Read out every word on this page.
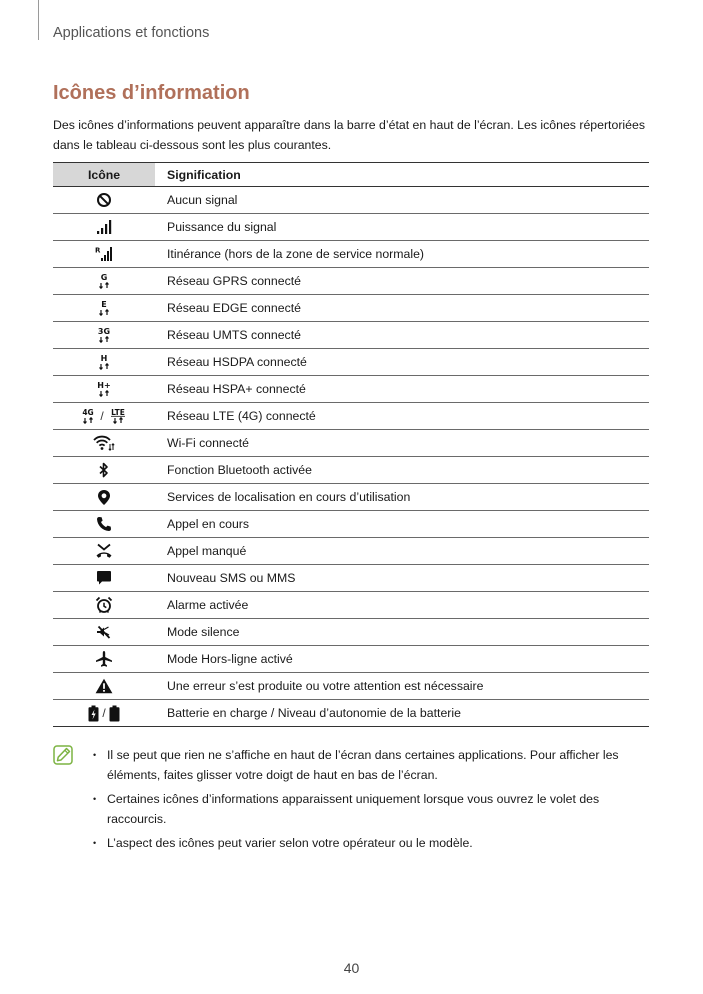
Applications et fonctions
Icônes d’information

Des icônes d’informations peuvent apparaître dans la barre d’état en haut de l’écran. Les icônes répertoriées dans le tableau ci-dessous sont les plus courantes.

Icône	Signification

	Aucun signal

	Puissance du signal

R	Itinérance (hors de la zone de service normale)

G	Réseau GPRS connecté

E	Réseau EDGE connecté

3G	Réseau UMTS connecté

H	Réseau HSDPA connecté

H+	Réseau HSPA+ connecté

4G / LTE	Réseau LTE (4G) connecté

	Wi-Fi connecté

	Fonction Bluetooth activée

	Services de localisation en cours d’utilisation

	Appel en cours

	Appel manqué

	Nouveau SMS ou MMS

	Alarme activée

	Mode silence

	Mode Hors-ligne activé

	Une erreur s’est produite ou votre attention est nécessaire

/	Batterie en charge / Niveau d’autonomie de la batterie
• Il se peut que rien ne s’affiche en haut de l’écran dans certaines applications. Pour afficher les éléments, faites glisser votre doigt de haut en bas de l’écran.
• Certaines icônes d’informations apparaissent uniquement lorsque vous ouvrez le volet des raccourcis.
• L’aspect des icônes peut varier selon votre opérateur ou le modèle.
40
